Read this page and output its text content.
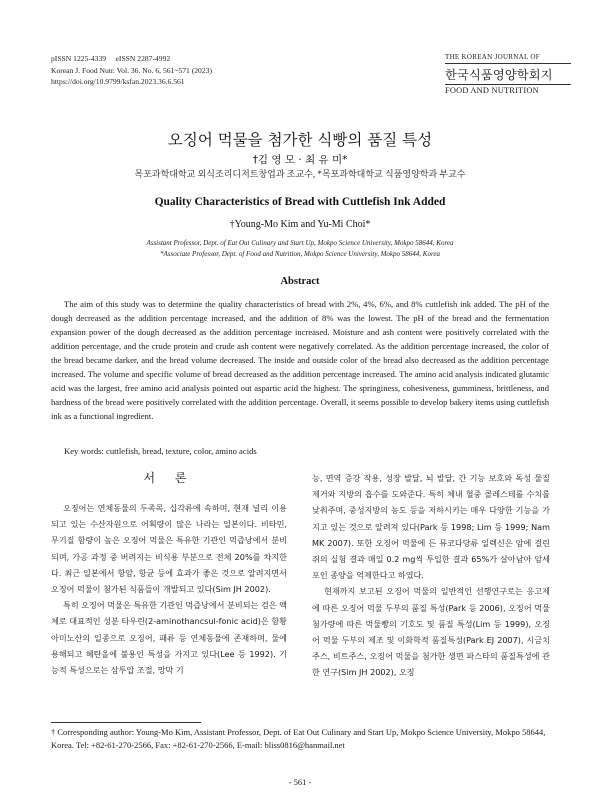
pISSN 1225-4339     eISSN 2287-4992
Korean J. Food Nutr. Vol. 36. No. 6, 561~571 (2023)
https://doi.org/10.9799/ksfan.2023.36.6.561
THE KOREAN JOURNAL OF
한국식품영양학회지
FOOD AND NUTRITION
오징어 먹물을 첨가한 식빵의 품질 특성
†김 영 모 · 최 유 미*
목포과학대학교 외식조리디저트창업과 조교수, *목포과학대학교 식품영양학과 부교수
Quality Characteristics of Bread with Cuttlefish Ink Added
†Young-Mo Kim and Yu-Mi Choi*
Assistant Professor, Dept. of Eat Out Culinary and Start Up, Mokpo Science University, Mokpo 58644, Korea
*Associate Professor, Dept. of Food and Nutrition, Mokpo Science University, Mokpo 58644, Korea
Abstract
The aim of this study was to determine the quality characteristics of bread with 2%, 4%, 6%, and 8% cuttlefish ink added. The pH of the dough decreased as the addition percentage increased, and the addition of 8% was the lowest. The pH of the bread and the fermentation expansion power of the dough decreased as the addition percentage increased. Moisture and ash content were positively correlated with the addition percentage, and the crude protein and crude ash content were negatively correlated. As the addition percentage increased, the color of the bread became darker, and the bread volume decreased. The inside and outside color of the bread also decreased as the addition percentage increased. The volume and specific volume of bread decreased as the addition percentage increased. The amino acid analysis indicated glutamic acid was the largest, free amino acid analysis pointed out aspartic acid the highest. The springiness, cohesiveness, gumminess, brittleness, and hardness of the bread were positively correlated with the addition percentage. Overall, it seems possible to develop bakery items using cuttlefish ink as a functional ingredient.
Key words: cuttlefish, bread, texture, color, amino acids
서 론

오징어는 연체동물의 두족목, 십각류에 속하며, 현재 널리 이용되고 있는 수산자원으로 어획량이 많은 나라는 일본이다. 비타민, 무기질 함량이 높은 오징어 먹물은 특유한 기관인 먹즙낭에서 분비되며, 가공 과정 중 버려지는 비식용 부분으로 전체 20%를 차지한다. 최근 일본에서 항암, 항균 등에 효과가 좋은 것으로 알려지면서 오징어 먹물이 첨가된 식품들이 개발되고 있다(Sim JH 2002).

특히 오징어 먹물은 특유한 기관인 먹즙낭에서 분비되는 검은 액체로 대표적인 성분 타우린(2-aminothancsul-fonic acid)은 함황아미노산의 일종으로 오징어, 패류 등 연체동물에 존재하며, 물에 용해되고 혜탄올에 불용인 특성을 가지고 있다(Lee 등 1992). 기능적 특성으로는 삼투압 조절, 망막 기

능, 면역 증강 작용, 성장 발달, 뇌 발달, 간 기능 보호와 독성 물질 제거와 지방의 흡수를 도와준다. 특히 체내 혈중 콜레스테롤 수치를 낮춰주며, 중성지방의 농도 등을 저하시키는 매우 다양한 기능을 가지고 있는 것으로 알려져 있다(Park 등 1998; Lim 등 1999; Nam MK 2007). 또한 오징어 먹물에 든 뮤코다당류 일렉신은 암에 걸린 쥐의 실험 결과 매일 0.2 mg씩 투입한 결과 65%가 살아남아 암세포인 종양을 억제한다고 하였다.

현재까지 보고된 오징어 먹물의 일반적인 선행연구로는 응고제에 따른 오징어 먹물 두부의 품질 특성(Park 등 2006), 오징어 먹물 첨가량에 따른 먹물빵의 기호도 및 품질 특성(Lim 등 1999), 오징어 먹물 두부의 제조 및 이화학적 품질특성(Park EJ 2007), 시금치주스, 비트주스, 오징어 먹물을 첨가한 생면 파스타의 품질특성에 관한 연구(Sim JH 2002), 오징

† Corresponding author: Young-Mo Kim, Assistant Professor, Dept. of Eat Out Culinary and Start Up, Mokpo Science University, Mokpo 58644, Korea. Tel: +82-61-270-2566, Fax: +82-61-270-2566, E-mail: bliss0816@hanmail.net
- 561 -
